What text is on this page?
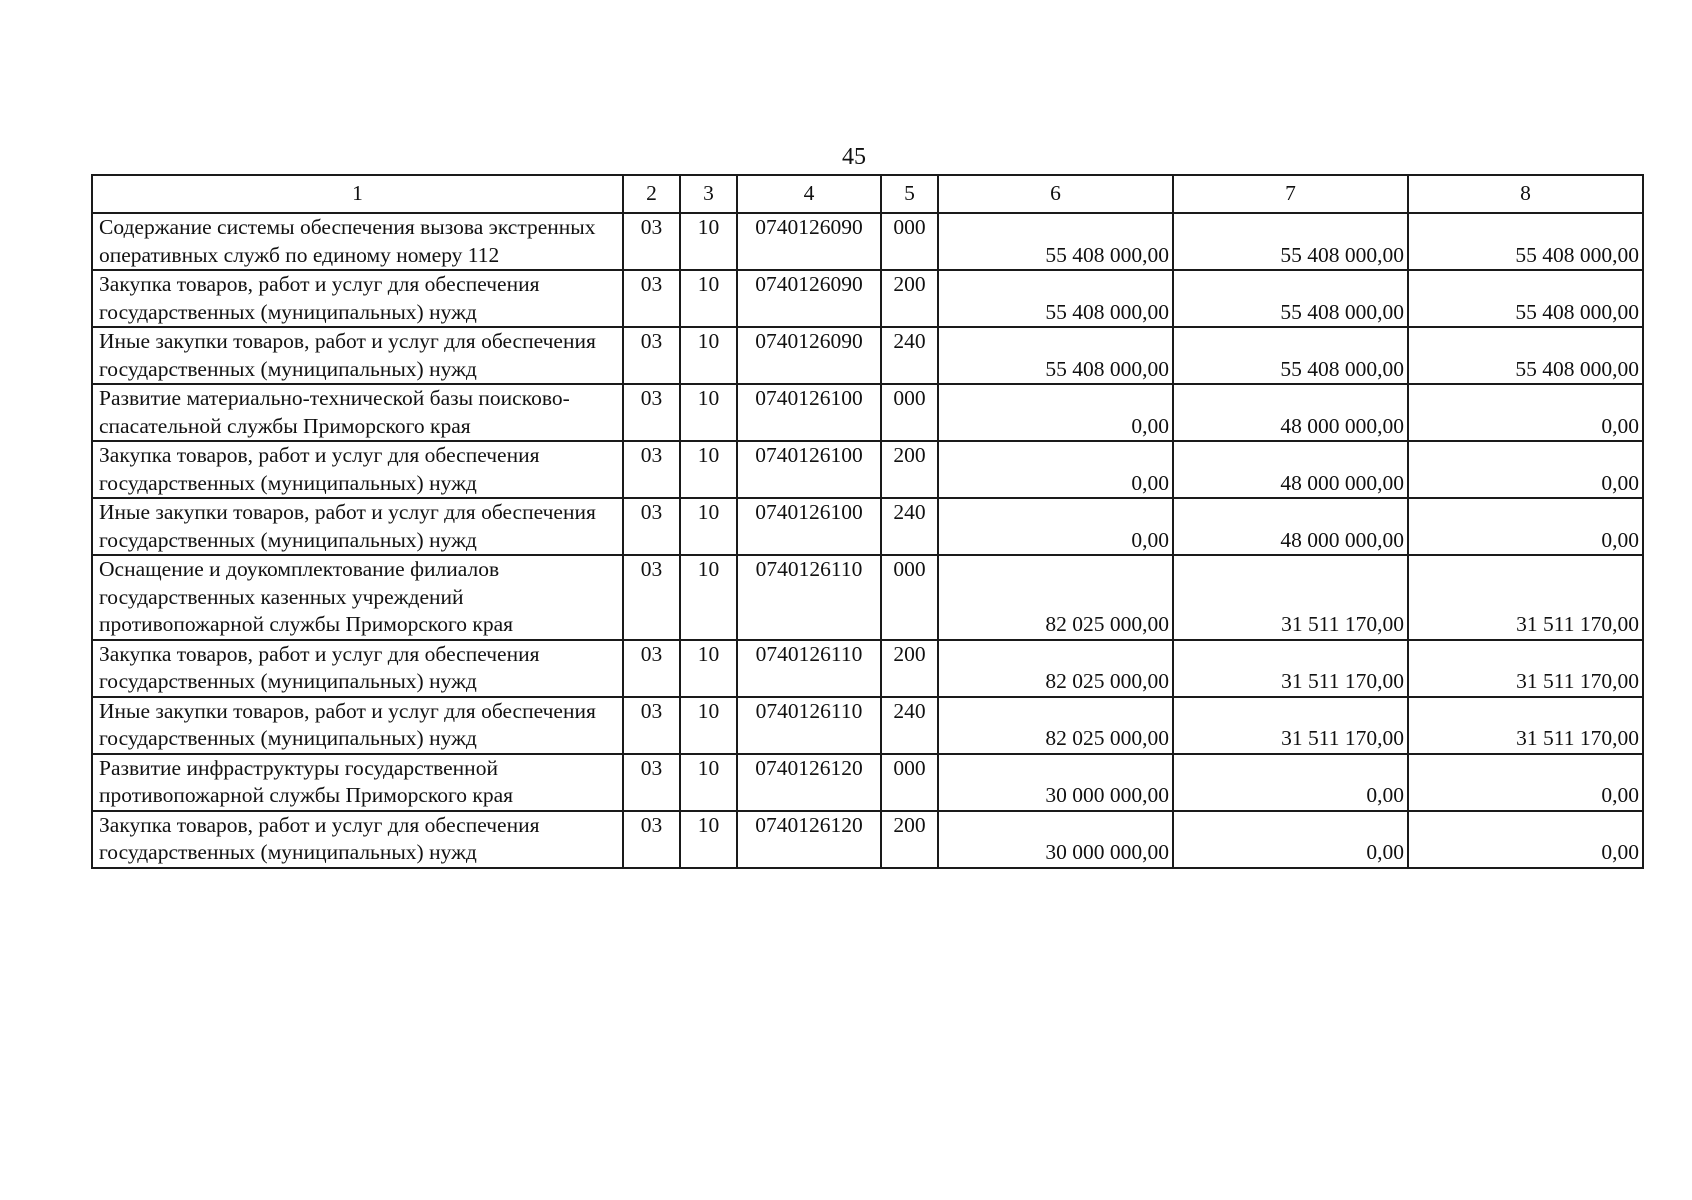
45
1	2	3	4	5	6	7	8
Содержание системы обеспечения вызова экстренных оперативных служб по единому номеру 112	03	10	0740126090	000	55 408 000,00	55 408 000,00	55 408 000,00
Закупка товаров, работ и услуг для обеспечения государственных (муниципальных) нужд	03	10	0740126090	200	55 408 000,00	55 408 000,00	55 408 000,00
Иные закупки товаров, работ и услуг для обеспечения государственных (муниципальных) нужд	03	10	0740126090	240	55 408 000,00	55 408 000,00	55 408 000,00
Развитие материально-технической базы поисково-спасательной службы Приморского края	03	10	0740126100	000	0,00	48 000 000,00	0,00
Закупка товаров, работ и услуг для обеспечения государственных (муниципальных) нужд	03	10	0740126100	200	0,00	48 000 000,00	0,00
Иные закупки товаров, работ и услуг для обеспечения государственных (муниципальных) нужд	03	10	0740126100	240	0,00	48 000 000,00	0,00
Оснащение и доукомплектование филиалов государственных казенных учреждений противопожарной службы Приморского края	03	10	0740126110	000	82 025 000,00	31 511 170,00	31 511 170,00
Закупка товаров, работ и услуг для обеспечения государственных (муниципальных) нужд	03	10	0740126110	200	82 025 000,00	31 511 170,00	31 511 170,00
Иные закупки товаров, работ и услуг для обеспечения государственных (муниципальных) нужд	03	10	0740126110	240	82 025 000,00	31 511 170,00	31 511 170,00
Развитие инфраструктуры государственной противопожарной службы Приморского края	03	10	0740126120	000	30 000 000,00	0,00	0,00
Закупка товаров, работ и услуг для обеспечения государственных (муниципальных) нужд	03	10	0740126120	200	30 000 000,00	0,00	0,00
